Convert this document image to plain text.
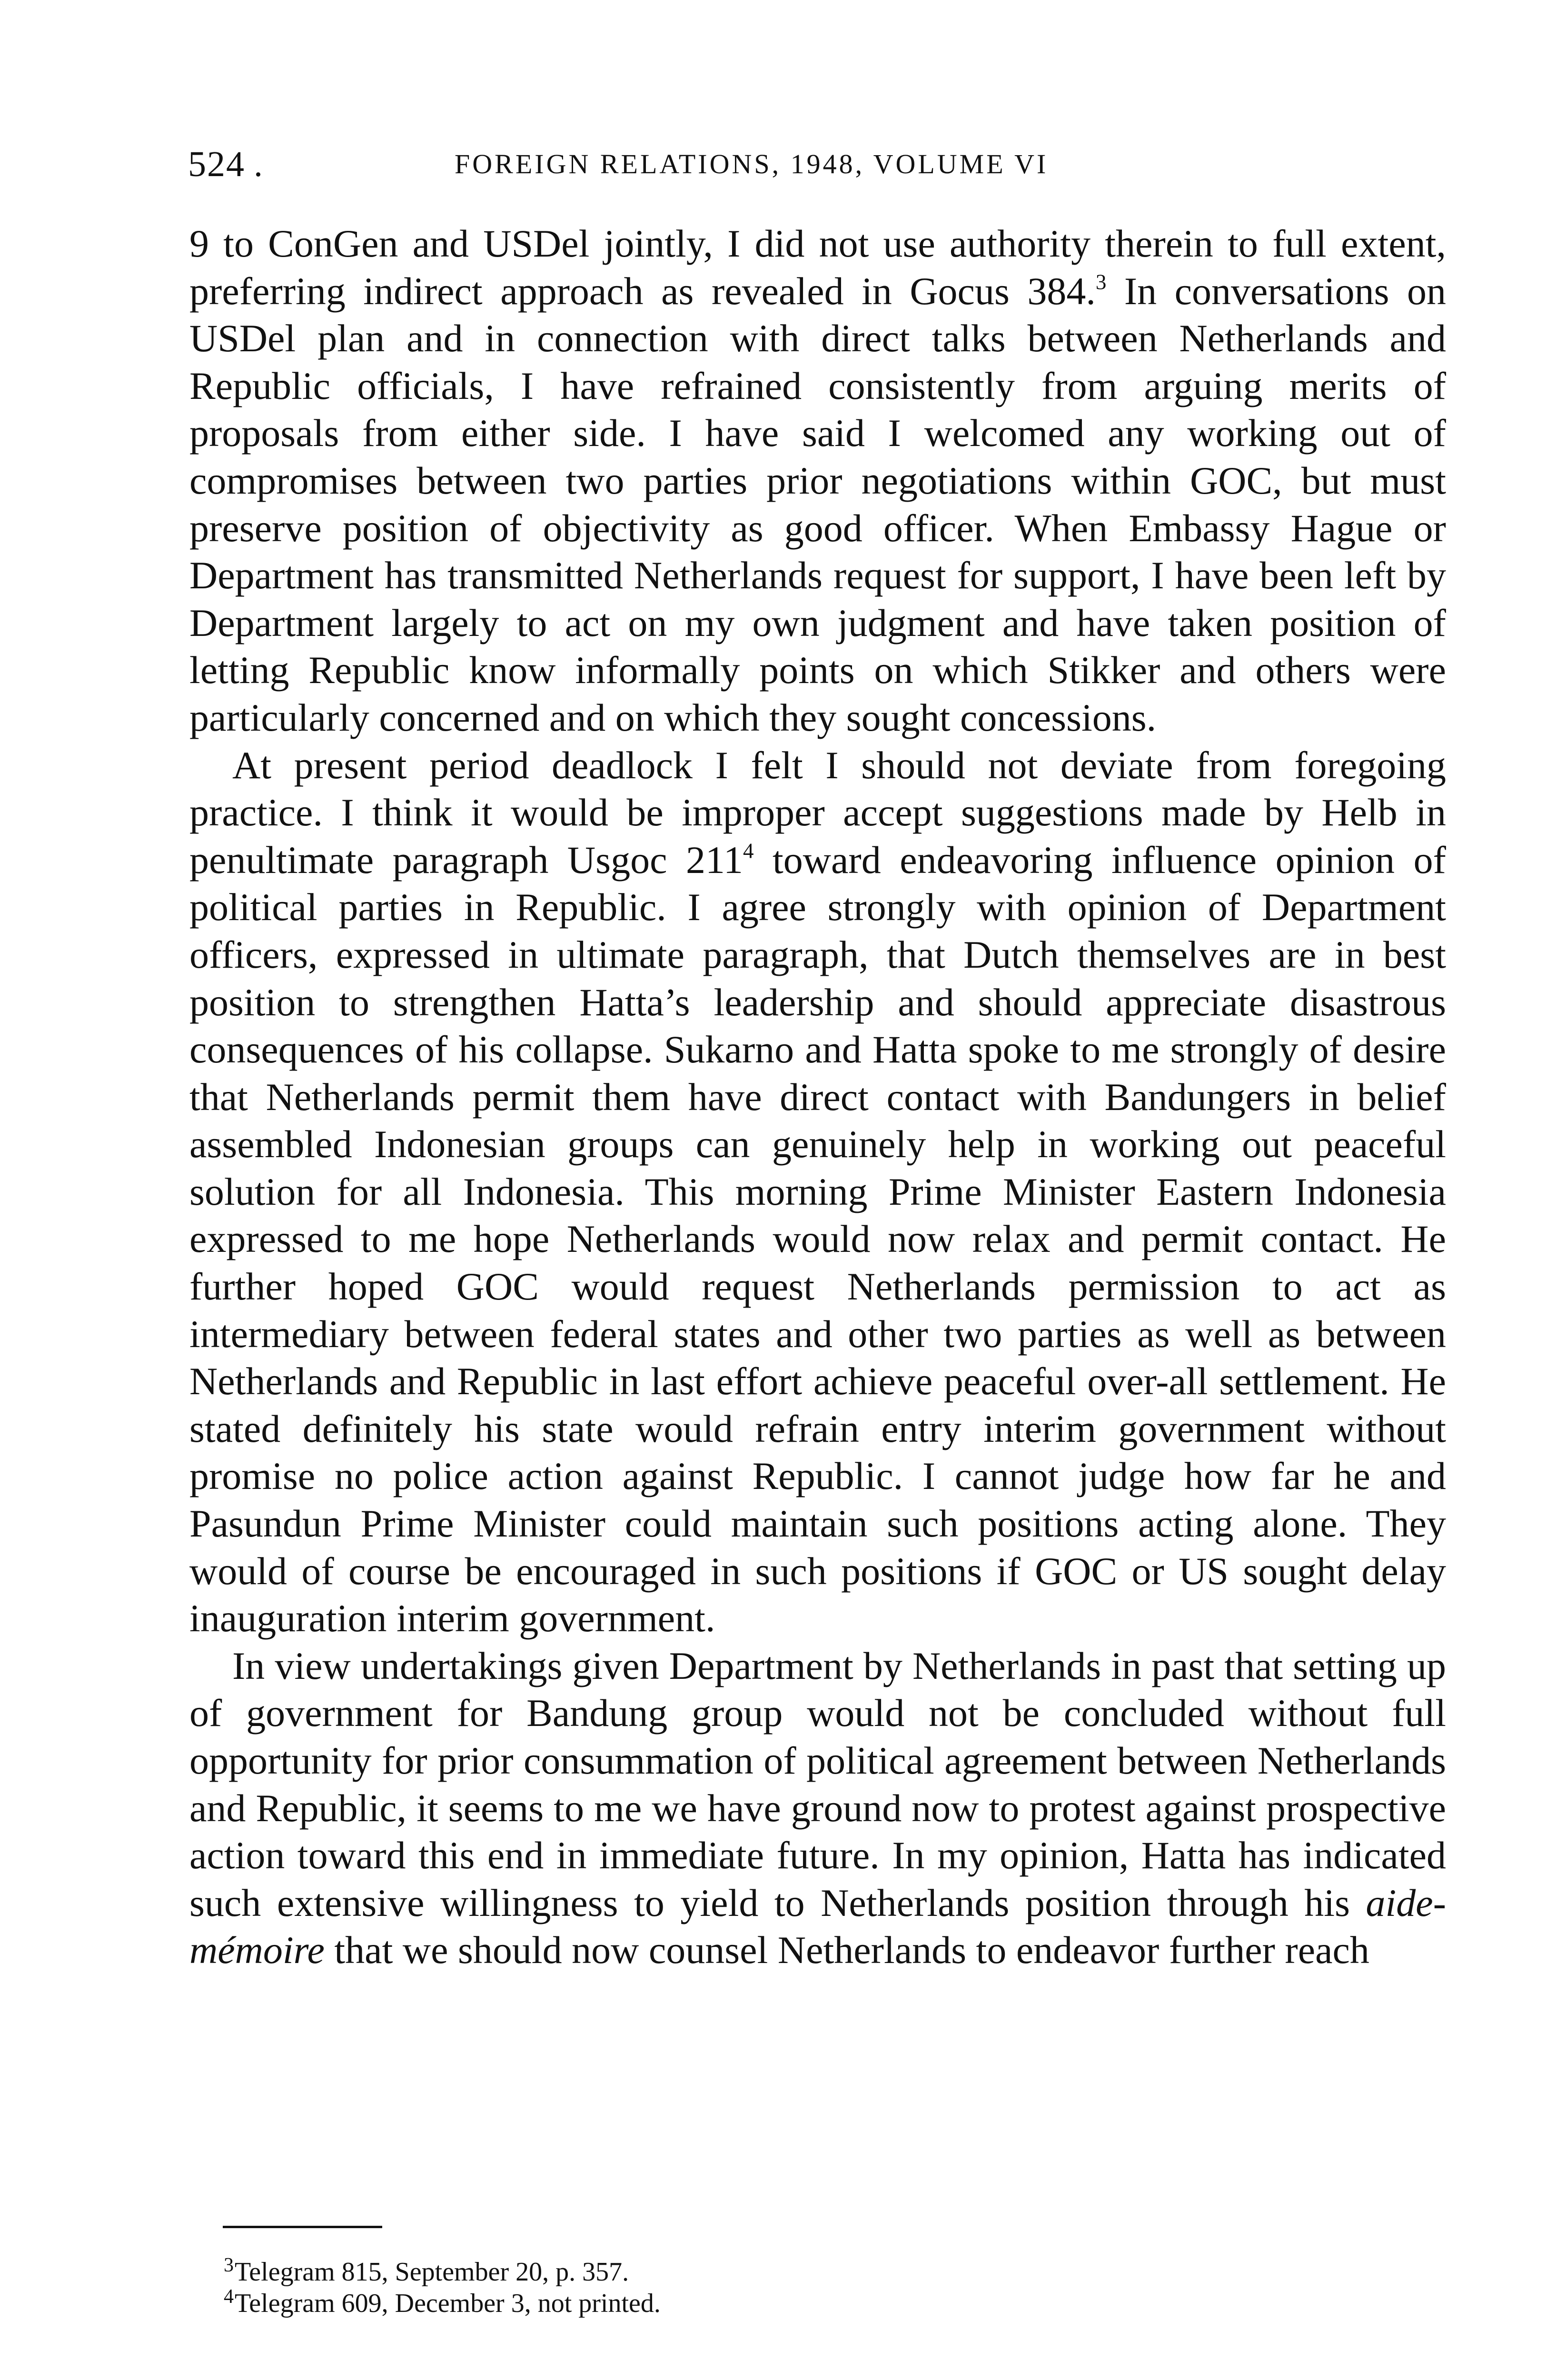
524 .	FOREIGN RELATIONS, 1948, VOLUME VI

9 to ConGen and USDel jointly, I did not use authority therein to full extent, preferring indirect approach as revealed in Gocus 384.$^3$ In conversations on USDel plan and in connection with direct talks between Netherlands and Republic officials, I have refrained consistently from arguing merits of proposals from either side. I have said I welcomed any working out of compromises between two parties prior negotiations within GOC, but must preserve position of objectivity as good officer. When Embassy Hague or Department has transmitted Netherlands request for support, I have been left by Department largely to act on my own judgment and have taken position of letting Republic know informally points on which Stikker and others were particularly concerned and on which they sought concessions.

At present period deadlock I felt I should not deviate from foregoing practice. I think it would be improper accept suggestions made by Helb in penultimate paragraph Usgoc $211^4$ toward endeavoring influence opinion of political parties in Republic. I agree strongly with opinion of Department officers, expressed in ultimate paragraph, that Dutch themselves are in best position to strengthen Hatta’s leadership and should appreciate disastrous consequences of his collapse. Sukarno and Hatta spoke to me strongly of desire that Netherlands permit them have direct contact with Bandungers in belief assembled Indonesian groups can genuinely help in working out peaceful solution for all Indonesia. This morning Prime Minister Eastern Indonesia expressed to me hope Netherlands would now relax and permit contact. He further hoped GOC would request Netherlands permission to act as intermediary between federal states and other two parties as well as between Netherlands and Republic in last effort achieve peaceful over-all settlement. He stated definitely his state would refrain entry interim government without promise no police action against Republic. I cannot judge how far he and Pasundun Prime Minister could maintain such positions acting alone. They would of course be encouraged in such positions if GOC or US sought delay inauguration interim government.

In view undertakings given Department by Netherlands in past that setting up of government for Bandung group would not be concluded without full opportunity for prior consummation of political agreement between Netherlands and Republic, it seems to me we have ground now to protest against prospective action toward this end in immediate future. In my opinion, Hatta has indicated such extensive willingness to yield to Netherlands position through his aide-mémoire that we should now counsel Netherlands to endeavor further reach

$^3$Telegram 815, September 20, p. 357.

$^4$Telegram 609, December 3, not printed.
